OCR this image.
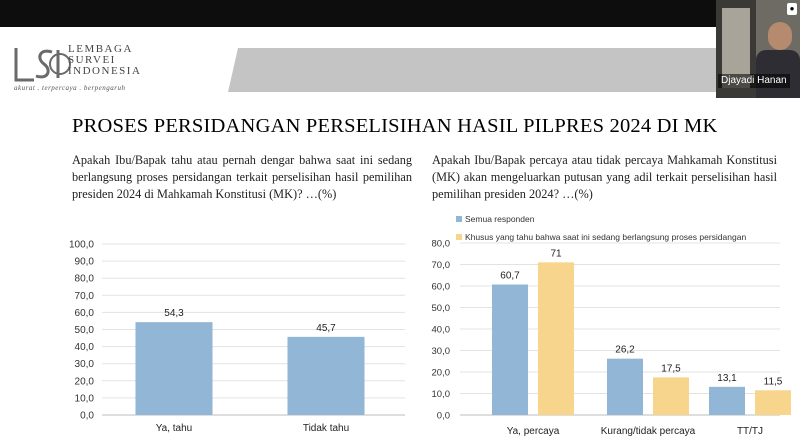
●
Djayadi Hanan
LEMBAGA
SURVEI
INDONESIA
akurat . terpercaya . berpengaruh
PROSES PERSIDANGAN PERSELISIHAN HASIL PILPRES 2024 DI MK
Apakah Ibu/Bapak tahu atau pernah dengar bahwa saat ini sedang berlangsung proses persidangan terkait perselisihan hasil pemilihan presiden 2024 di Mahkamah Konstitusi (MK)? …(%)
Apakah Ibu/Bapak percaya atau tidak percaya Mahkamah Konstitusi (MK) akan mengeluarkan putusan yang adil terkait perselisihan hasil pemilihan presiden 2024? …(%)
0,0
10,0
20,0
30,0
40,0
50,0
60,0
70,0
80,0
90,0
100,0
54,3
Ya, tahu
45,7
Tidak tahu
0,0
10,0
20,0
30,0
40,0
50,0
60,0
70,0
80,0
Semua responden
Khusus yang tahu bahwa saat ini sedang berlangsung proses persidangan
60,7
71
Ya, percaya
26,2
17,5
Kurang/tidak percaya
13,1	11,5
TT/TJ
